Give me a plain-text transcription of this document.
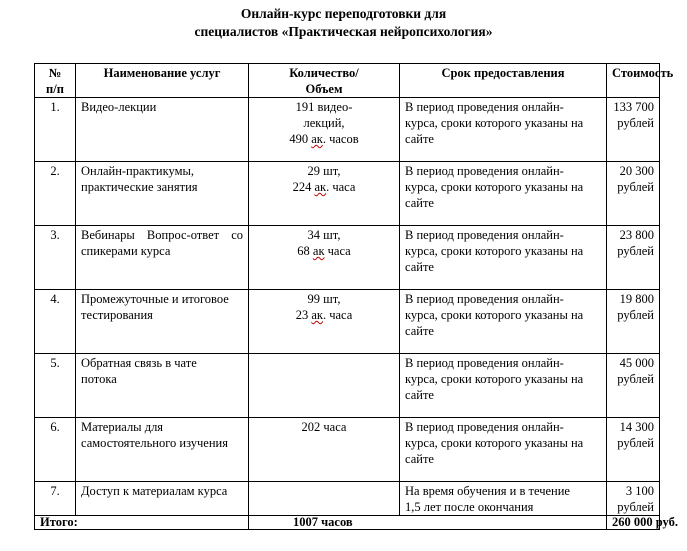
Онлайн-курс переподготовки для
специалистов «Практическая нейропсихология»
№
п/п	Наименование услуг	Количество/
Объем	Срок предоставления	Стоимость
1.	Видео-лекции	191 видео-
лекций,
490 ак. часов	В период проведения онлайн-
курса, сроки которого указаны на
сайте	133 700
рублей

2.	Онлайн-практикумы,
практические занятия	29 шт,
224 ак. часа	В период проведения онлайн-
курса, сроки которого указаны на
сайте	20 300
рублей

3.	Вебинары Вопрос-ответ со
спикерами курса	34 шт,
68 ак часа	В период проведения онлайн-
курса, сроки которого указаны на
сайте	23 800
рублей

4.	Промежуточные и итоговое
тестирования	99 шт,
23 ак. часа	В период проведения онлайн-
курса, сроки которого указаны на
сайте	19 800
рублей

5.	Обратная связь в чате
потока		В период проведения онлайн-
курса, сроки которого указаны на
сайте	45 000
рублей

6.	Материалы для
самостоятельного изучения	202 часа	В период проведения онлайн-
курса, сроки которого указаны на
сайте	14 300
рублей

7.	Доступ к материалам курса		На время обучения и в течение
1,5 лет после окончания	3 100
рублей

Итого:		1007 часов		260 000 руб.
